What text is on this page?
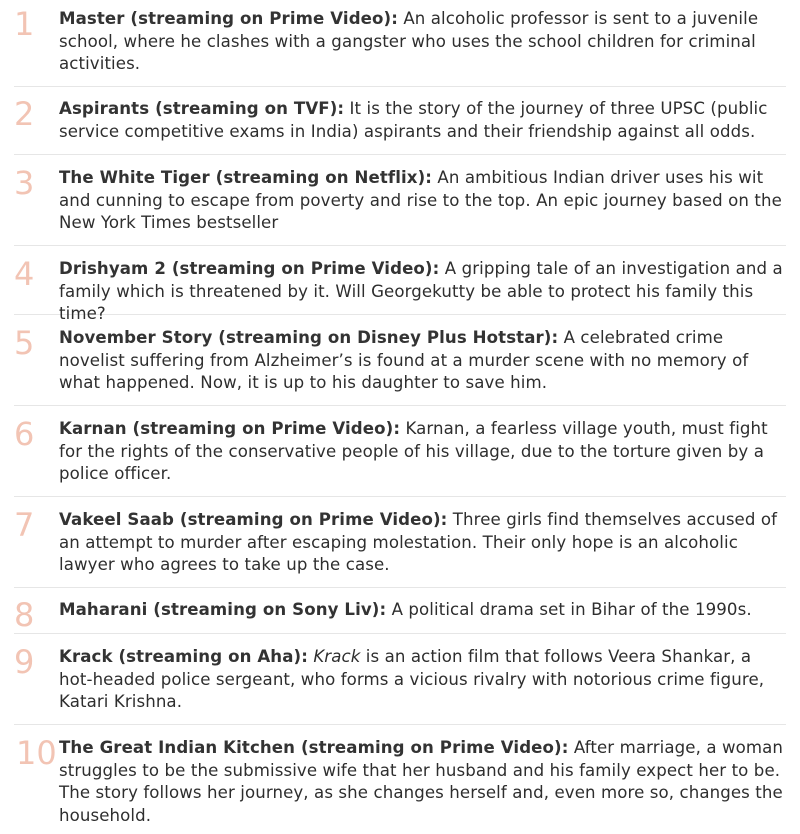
1 Master (streaming on Prime Video): An alcoholic professor is sent to a juvenile school, where he clashes with a gangster who uses the school children for criminal activities.
2 Aspirants (streaming on TVF): It is the story of the journey of three UPSC (public service competitive exams in India) aspirants and their friendship against all odds.
3 The White Tiger (streaming on Netflix): An ambitious Indian driver uses his wit and cunning to escape from poverty and rise to the top. An epic journey based on the New York Times bestseller
4 Drishyam 2 (streaming on Prime Video): A gripping tale of an investigation and a family which is threatened by it. Will Georgekutty be able to protect his family this time?
5 November Story (streaming on Disney Plus Hotstar): A celebrated crime novelist suffering from Alzheimer’s is found at a murder scene with no memory of what happened. Now, it is up to his daughter to save him.
6 Karnan (streaming on Prime Video): Karnan, a fearless village youth, must fight for the rights of the conservative people of his village, due to the torture given by a police officer.
7 Vakeel Saab (streaming on Prime Video): Three girls find themselves accused of an attempt to murder after escaping molestation. Their only hope is an alcoholic lawyer who agrees to take up the case.
8 Maharani (streaming on Sony Liv): A political drama set in Bihar of the 1990s.
9 Krack (streaming on Aha): Krack is an action film that follows Veera Shankar, a hot-headed police sergeant, who forms a vicious rivalry with notorious crime figure, Katari Krishna.
10 The Great Indian Kitchen (streaming on Prime Video): After marriage, a woman struggles to be the submissive wife that her husband and his family expect her to be. The story follows her journey, as she changes herself and, even more so, changes the household.
